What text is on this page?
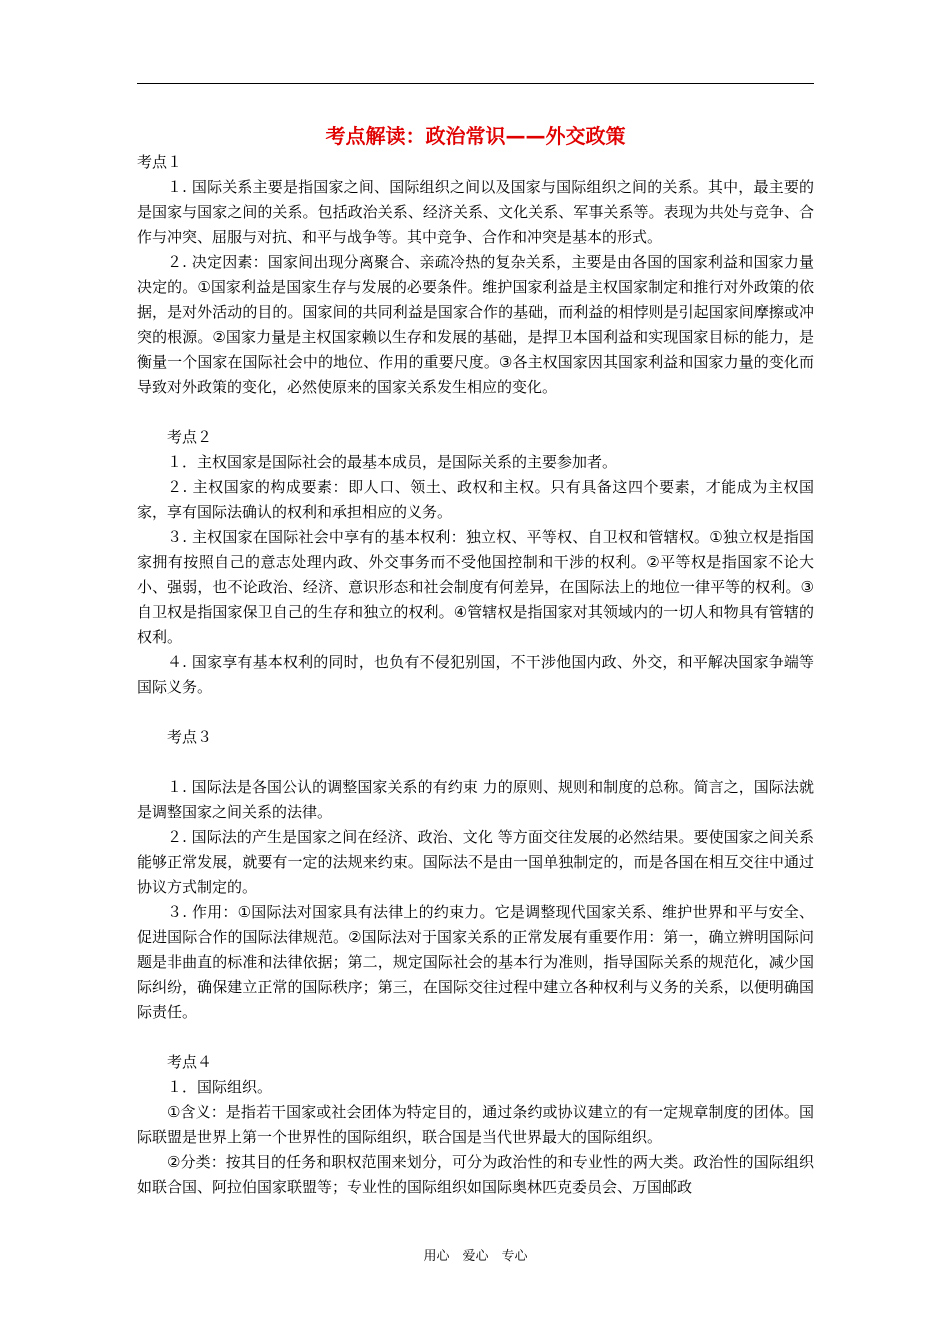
考点解读：政治常识——外交政策

考点１

１. 国际关系主要是指国家之间、国际组织之间以及国家与国际组织之间的关系。其中，最主要的是国家与国家之间的关系。包括政治关系、经济关系、文化关系、军事关系等。表现为共处与竞争、合作与冲突、屈服与对抗、和平与战争等。其中竞争、合作和冲突是基本的形式。

２. 决定因素：国家间出现分离聚合、亲疏冷热的复杂关系，主要是由各国的国家利益和国家力量决定的。①国家利益是国家生存与发展的必要条件。维护国家利益是主权国家制定和推行对外政策的依据，是对外活动的目的。国家间的共同利益是国家合作的基础，而利益的相悖则是引起国家间摩擦或冲突的根源。②国家力量是主权国家赖以生存和发展的基础，是捍卫本国利益和实现国家目标的能力，是衡量一个国家在国际社会中的地位、作用的重要尺度。③各主权国家因其国家利益和国家力量的变化而导致对外政策的变化，必然使原来的国家关系发生相应的变化。

考点２

１．主权国家是国际社会的最基本成员，是国际关系的主要参加者。

２. 主权国家的构成要素：即人口、领土、政权和主权。只有具备这四个要素，才能成为主权国家，享有国际法确认的权利和承担相应的义务。

３. 主权国家在国际社会中享有的基本权利：独立权、平等权、自卫权和管辖权。①独立权是指国家拥有按照自己的意志处理内政、外交事务而不受他国控制和干涉的权利。②平等权是指国家不论大小、强弱，也不论政治、经济、意识形态和社会制度有何差异，在国际法上的地位一律平等的权利。③自卫权是指国家保卫自己的生存和独立的权利。④管辖权是指国家对其领域内的一切人和物具有管辖的权利。

４. 国家享有基本权利的同时，也负有不侵犯别国，不干涉他国内政、外交，和平解决国家争端等国际义务。

考点３

１. 国际法是各国公认的调整国家关系的有约束 力的原则、规则和制度的总称。简言之，国际法就是调整国家之间关系的法律。

２. 国际法的产生是国家之间在经济、政治、文化 等方面交往发展的必然结果。要使国家之间关系能够正常发展，就要有一定的法规来约束。国际法不是由一国单独制定的，而是各国在相互交往中通过协议方式制定的。

３. 作用：①国际法对国家具有法律上的约束力。它是调整现代国家关系、维护世界和平与安全、促进国际合作的国际法律规范。②国际法对于国家关系的正常发展有重要作用：第一，确立辨明国际问题是非曲直的标准和法律依据；第二，规定国际社会的基本行为准则，指导国际关系的规范化，减少国际纠纷，确保建立正常的国际秩序；第三，在国际交往过程中建立各种权利与义务的关系，以便明确国际责任。

考点４

１．国际组织。

①含义：是指若干国家或社会团体为特定目的，通过条约或协议建立的有一定规章制度的团体。国际联盟是世界上第一个世界性的国际组织，联合国是当代世界最大的国际组织。

②分类：按其目的任务和职权范围来划分，可分为政治性的和专业性的两大类。政治性的国际组织如联合国、阿拉伯国家联盟等；专业性的国际组织如国际奥林匹克委员会、万国邮政

用心　爱心　专心
